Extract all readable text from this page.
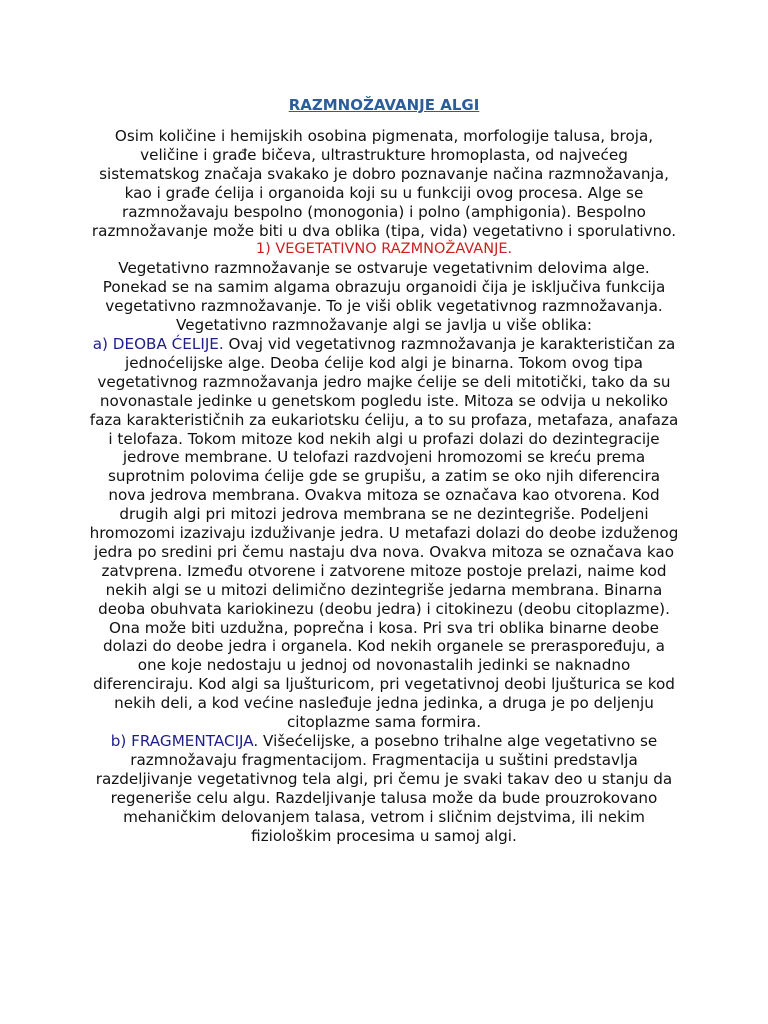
RAZMNOŽAVANJE ALGI

Osim količine i hemijskih osobina pigmenata, morfologije talusa, broja, veličine i građe bičeva, ultrastrukture hromoplasta, od najvećeg sistematskog značaja svakako je dobro poznavanje načina razmnožavanja, kao i građe ćelija i organoida koji su u funkciji ovog procesa. Alge se razmnožavaju bespolno (monogonia) i polno (amphigonia). Bespolno razmnožavanje može biti u dva oblika (tipa, vida) vegetativno i sporulativno.

1) VEGETATIVNO RAZMNOŽAVANJE.

Vegetativno razmnožavanje se ostvaruje vegetativnim delovima alge. Ponekad se na samim algama obrazuju organoidi čija je isključiva funkcija vegetativno razmnožavanje. To je viši oblik vegetativnog razmnožavanja. Vegetativno razmnožavanje algi se javlja u više oblika:

a) DEOBA ĆELIJE. Ovaj vid vegetativnog razmnožavanja je karakterističan za jednoćelijske alge. Deoba ćelije kod algi je binarna. Tokom ovog tipa vegetativnog razmnožavanja jedro majke ćelije se deli mitotički, tako da su novonastale jedinke u genetskom pogledu iste. Mitoza se odvija u nekoliko faza karakterističnih za eukariotsku ćeliju, a to su profaza, metafaza, anafaza i telofaza. Tokom mitoze kod nekih algi u profazi dolazi do dezintegracije jedrove membrane. U telofazi razdvojeni hromozomi se kreću prema suprotnim polovima ćelije gde se grupišu, a zatim se oko njih diferencira nova jedrova membrana. Ovakva mitoza se označava kao otvorena. Kod drugih algi pri mitozi jedrova membrana se ne dezintegriše. Podeljeni hromozomi izazivaju izduživanje jedra. U metafazi dolazi do deobe izduženog jedra po sredini pri čemu nastaju dva nova. Ovakva mitoza se označava kao zatvprena. Između otvorene i zatvorene mitoze postoje prelazi, naime kod nekih algi se u mitozi delimično dezintegriše jedarna membrana. Binarna deoba obuhvata kariokinezu (deobu jedra) i citokinezu (deobu citoplazme). Ona može biti uzdužna, poprečna i kosa. Pri sva tri oblika binarne deobe dolazi do deobe jedra i organela. Kod nekih organele se preraspoređuju, a one koje nedostaju u jednoj od novonastalih jedinki se naknadno diferenciraju. Kod algi sa ljušturicom, pri vegetativnoj deobi ljušturica se kod nekih deli, a kod većine nasleđuje jedna jedinka, a druga je po deljenju citoplazme sama formira.

b) FRAGMENTACIJA. Višećelijske, a posebno trihalne alge vegetativno se razmnožavaju fragmentacijom. Fragmentacija u suštini predstavlja razdeljivanje vegetativnog tela algi, pri čemu je svaki takav deo u stanju da regeneriše celu algu. Razdeljivanje talusa može da bude prouzrokovano mehaničkim delovanjem talasa, vetrom i sličnim dejstvima, ili nekim fiziološkim procesima u samoj algi.
